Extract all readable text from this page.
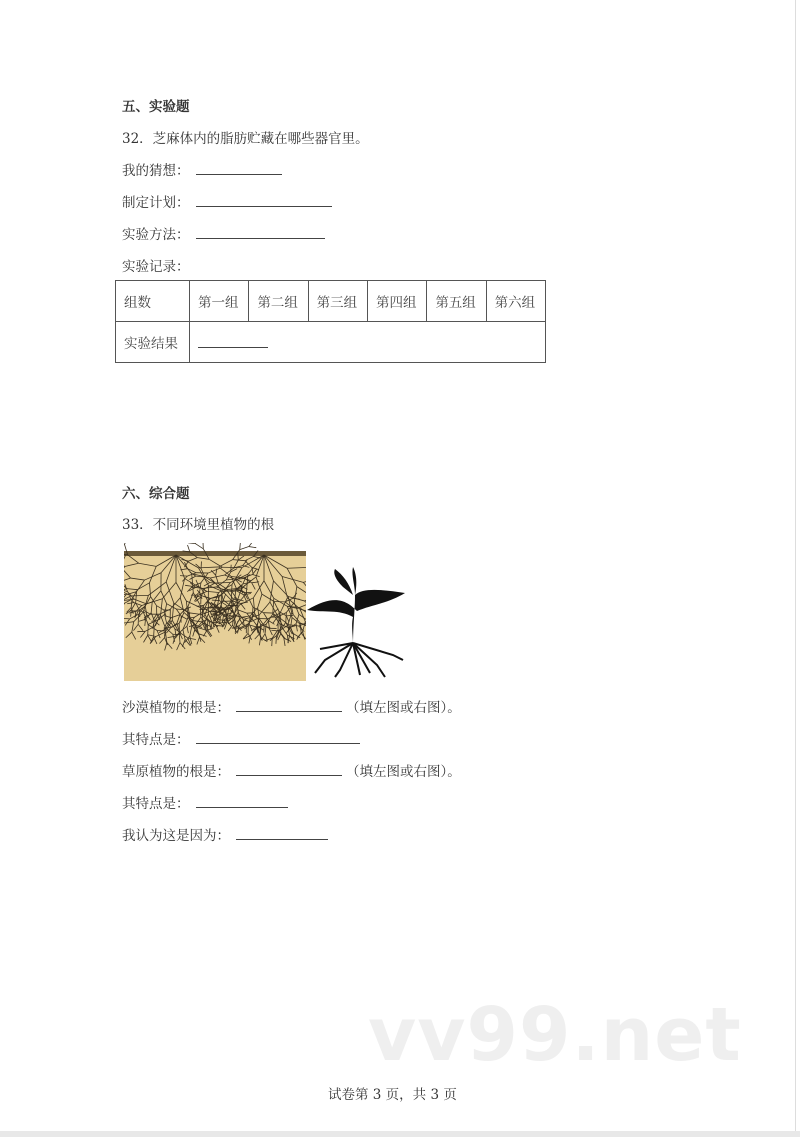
五、实验题
32．芝麻体内的脂肪贮藏在哪些器官里。
我的猜想：
制定计划：
实验方法：
实验记录：
组数	第一组	第二组	第三组	第四组	第五组	第六组
实验结果						
六、综合题
33．不同环境里植物的根
沙漠植物的根是：	（填左图或右图）。
其特点是：
草原植物的根是：	（填左图或右图）。
其特点是：
我认为这是因为：
vv99.net
试卷第 3 页，共 3 页
